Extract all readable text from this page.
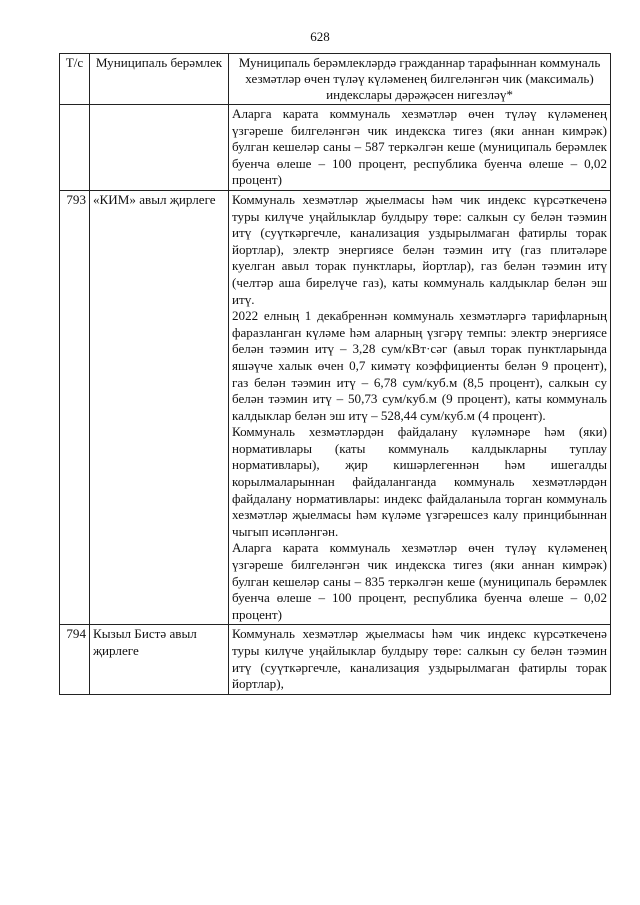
628
Т/с	Муниципаль берәмлек	Муниципаль берәмлекләрдә гражданнар тарафыннан коммуналь хезмәтләр өчен түләү күләменең билгеләнгән чик (максималь) индекслары дәрәҗәсен нигезләү*

		Аларга карата коммуналь хезмәтләр өчен түләү күләменең үзгәреше билгеләнгән чик индекска тигез (яки аннан кимрәк) булган кешеләр саны – 587 теркәлгән кеше (муниципаль берәмлек буенча өлеше – 100 процент, республика буенча өлеше – 0,02 процент)

793	«КИМ» авыл җирлеге	Коммуналь хезмәтләр җыелмасы һәм чик индекс күрсәткеченә туры килүче уңайлыклар булдыру төре: салкын су белән тәэмин итү (суүткәргечле, канализация уздырылмаган фатирлы торак йортлар), электр энергиясе белән тәэмин итү (газ плитәләре куелган авыл торак пунктлары, йортлар), газ белән тәэмин итү (челтәр аша бирелүче газ), каты коммуналь калдыклар белән эш итү.
2022 елның 1 декабреннән коммуналь хезмәтләргә тарифларның фаразланган күләме һәм аларның үзгәрү темпы: электр энергиясе белән тәэмин итү – 3,28 сум/кВт·сәг (авыл торак пунктларында яшәүче халык өчен 0,7 кимәтү коэффициенты белән 9 процент), газ белән тәэмин итү – 6,78 сум/куб.м (8,5 процент), салкын су белән тәэмин итү – 50,73 сум/куб.м (9 процент), каты коммуналь калдыклар белән эш итү – 528,44 сум/куб.м (4 процент).
Коммуналь хезмәтләрдән файдалану күләмнәре һәм (яки) нормативлары (каты коммуналь калдыкларны туплау нормативлары), җир кишәрлегеннән һәм ишегалды корылмаларыннан файдаланганда коммуналь хезмәтләрдән файдалану нормативлары: индекс файдаланыла торган коммуналь хезмәтләр җыелмасы һәм күләме үзгәрешсез калу принцибыннан чыгып исәпләнгән.
Аларга карата коммуналь хезмәтләр өчен түләү күләменең үзгәреше билгеләнгән чик индекска тигез (яки аннан кимрәк) булган кешеләр саны – 835 теркәлгән кеше (муниципаль берәмлек буенча өлеше – 100 процент, республика буенча өлеше – 0,02 процент)

794	Кызыл Бистә авыл җирлеге	Коммуналь хезмәтләр җыелмасы һәм чик индекс күрсәткеченә туры килүче уңайлыклар булдыру төре: салкын су белән тәэмин итү (суүткәргечле, канализация уздырылмаган фатирлы торак йортлар),
